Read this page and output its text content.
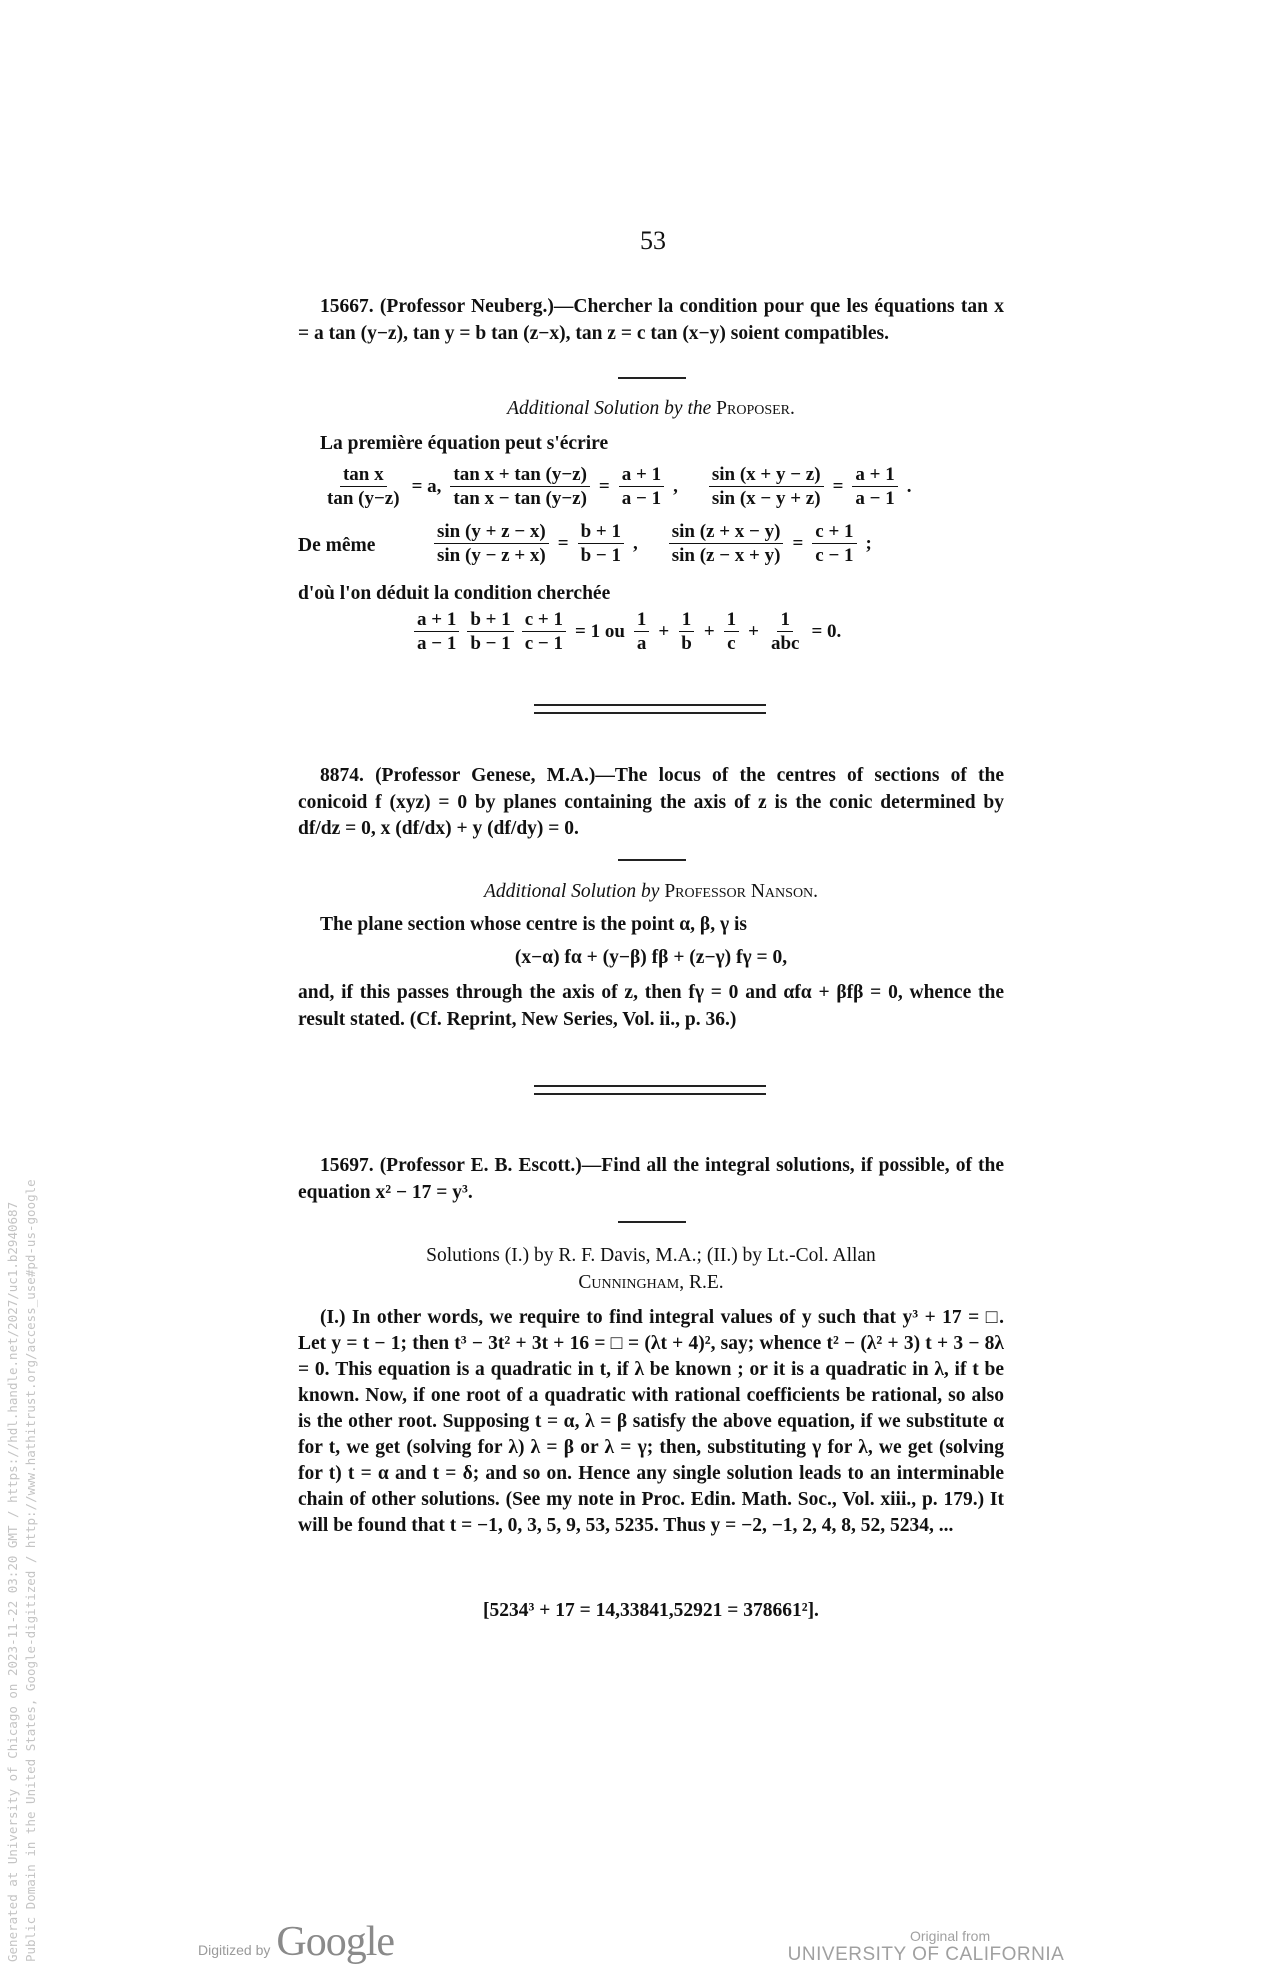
53
15667. (Professor Neuberg.)—Chercher la condition pour que les équations tan x = a tan (y−z), tan y = b tan (z−x), tan z = c tan (x−y) soient compatibles.
Additional Solution by the Proposer.
La première équation peut s'écrire
$\frac{\text{tan x}}{\tan (y-z)} = a$, $\frac{\text{tan x + tan (y−z)}}{\text{tan x − tan (y−z)}} = \frac{a + 1}{a - 1}$ , $\frac{\sin (x + y - z)}{\sin (x - y + z)} = \frac{a + 1}{a - 1}$ .
De même	$\frac{\sin (y + z - x)}{\sin (y - z + x)} = \frac{b + 1}{b - 1}$ , $\frac{\sin (z + x - y)}{\sin (z - x + y)} = \frac{c + 1}{c - 1}$ ;
d'où l'on déduit la condition cherchée
$\frac{a + 1}{a - 1} \frac{b + 1}{b - 1} \frac{c + 1}{c - 1} = 1$ ou $\frac{1}{a} + \frac{1}{b} + \frac{1}{c} + \frac{1}{\text{abc}} = 0$.
8874. (Professor Genese, M.A.)—The locus of the centres of sections of the conicoid f (xyz) = 0 by planes containing the axis of z is the conic determined by df/dz = 0, x (df/dx) + y (df/dy) = 0.
Additional Solution by Professor Nanson.
The plane section whose centre is the point α, β, γ is
(x−α) fα + (y−β) fβ + (z−γ) fγ = 0,
and, if this passes through the axis of z, then fγ = 0 and αfα + βfβ = 0, whence the result stated. (Cf. Reprint, New Series, Vol. ii., p. 36.)
15697. (Professor E. B. Escott.)—Find all the integral solutions, if possible, of the equation x² − 17 = y³.
Solutions (I.) by R. F. Davis, M.A.; (II.) by Lt.-Col. Allan
Cunningham, R.E.
(I.) In other words, we require to find integral values of y such that y³ + 17 = □. Let y = t − 1; then t³ − 3t² + 3t + 16 = □ = (λt + 4)², say; whence t² − (λ² + 3) t + 3 − 8λ = 0. This equation is a quadratic in t, if λ be known ; or it is a quadratic in λ, if t be known. Now, if one root of a quadratic with rational coefficients be rational, so also is the other root. Supposing t = α, λ = β satisfy the above equation, if we substitute α for t, we get (solving for λ) λ = β or λ = γ; then, substituting γ for λ, we get (solving for t) t = α and t = δ; and so on. Hence any single solution leads to an interminable chain of other solutions. (See my note in Proc. Edin. Math. Soc., Vol. xiii., p. 179.) It will be found that t = −1, 0, 3, 5, 9, 53, 5235. Thus y = −2, −1, 2, 4, 8, 52, 5234, ...
[5234³ + 17 = 14,33841,52921 = 378661²].
Generated at University of Chicago on 2023-11-22 03:20 GMT / https://hdl.handle.net/2027/uc1.b2940687 Public Domain in the United States, Google-digitized / http://www.hathitrust.org/access_use#pd-us-google	Digitized by Google	Original from
UNIVERSITY OF CALIFORNIA
